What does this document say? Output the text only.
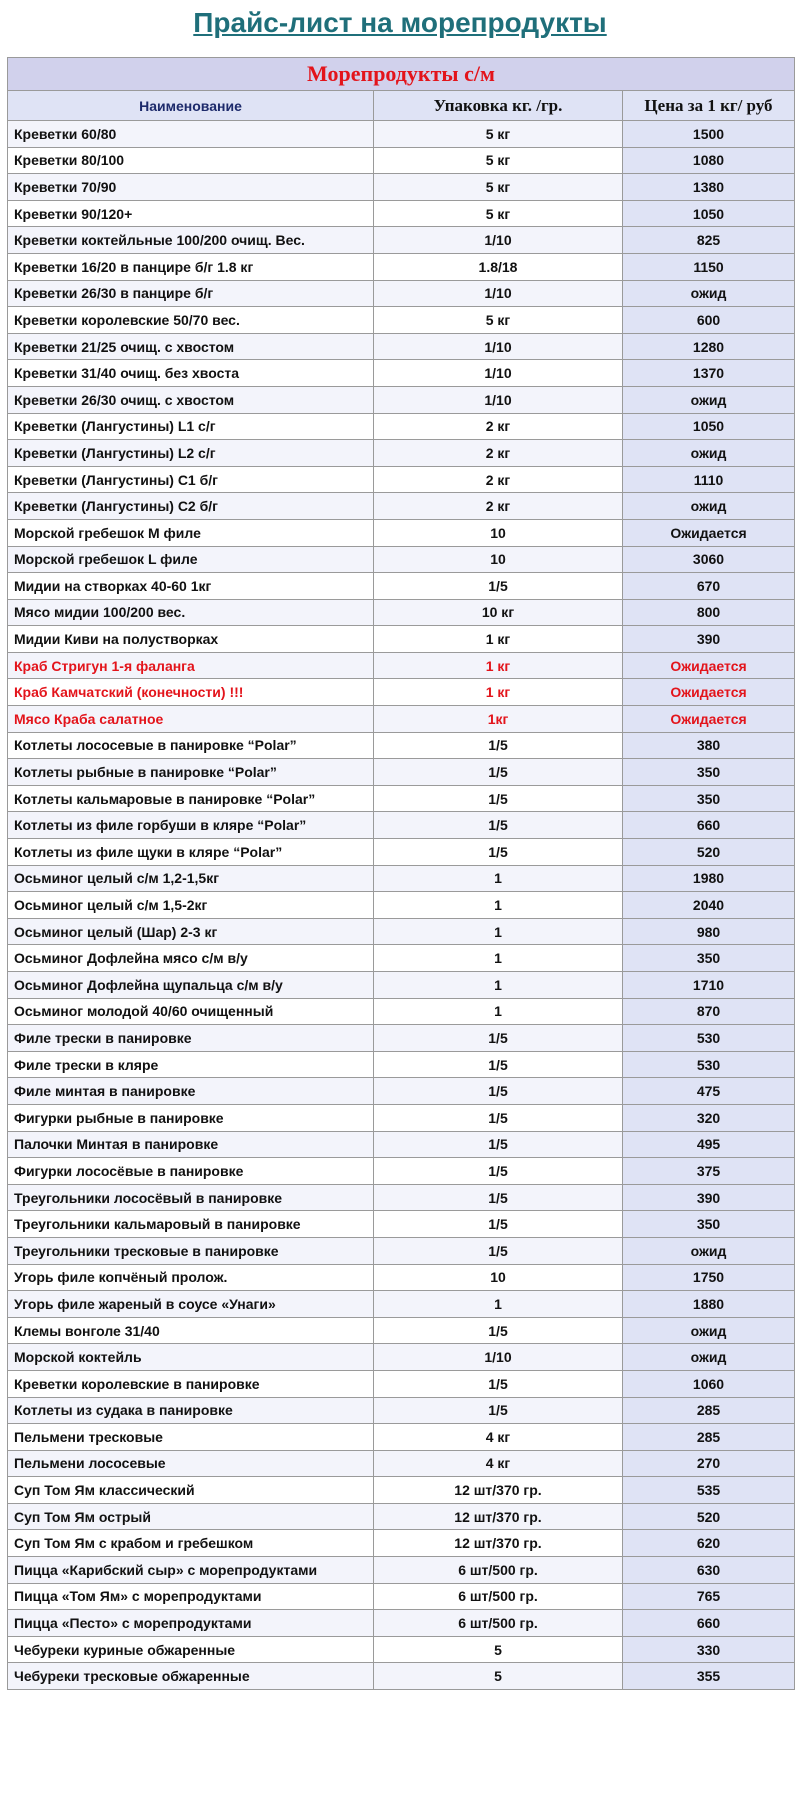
Прайс-лист на морепродукты
Морепродукты с/м		
Наименование	Упаковка кг. /гр.	Цена за 1 кг/ руб
Креветки 60/80	5 кг	1500
Креветки 80/100	5 кг	1080
Креветки 70/90	5 кг	1380
Креветки 90/120+	5 кг	1050
Креветки коктейльные 100/200 очищ. Вес.	1/10	825
Креветки 16/20 в панцире б/г 1.8 кг	1.8/18	1150
Креветки 26/30 в панцире б/г	1/10	ожид
Креветки королевские 50/70 вес.	5 кг	600
Креветки 21/25 очищ. с хвостом	1/10	1280
Креветки 31/40 очищ. без хвоста	1/10	1370
Креветки 26/30 очищ. с хвостом	1/10	ожид
Креветки (Лангустины) L1 с/г	2 кг	1050
Креветки (Лангустины) L2 с/г	2 кг	ожид
Креветки (Лангустины) С1 б/г	2 кг	1110
Креветки (Лангустины) С2 б/г	2 кг	ожид
Морской гребешок М филе	10	Ожидается
Морской гребешок L филе	10	3060
Мидии на створках 40-60 1кг	1/5	670
Мясо мидии 100/200 вес.	10 кг	800
Мидии Киви на полустворках	1 кг	390
Краб Стригун 1-я фаланга	1 кг	Ожидается
Краб Камчатский (конечности) !!!	1 кг	Ожидается
Мясо Краба салатное	1кг	Ожидается
Котлеты лососевые в панировке “Polar”	1/5	380
Котлеты рыбные в панировке “Polar”	1/5	350
Котлеты кальмаровые в панировке “Polar”	1/5	350
Котлеты из филе горбуши в кляре “Polar”	1/5	660
Котлеты из филе щуки в кляре “Polar”	1/5	520
Осьминог целый с/м 1,2-1,5кг	1	1980
Осьминог целый с/м 1,5-2кг	1	2040
Осьминог целый (Шар) 2-3 кг	1	980
Осьминог Дофлейна мясо с/м в/у	1	350
Осьминог Дофлейна щупальца с/м в/у	1	1710
Осьминог молодой 40/60 очищенный	1	870
Филе трески в панировке	1/5	530
Филе трески в кляре	1/5	530
Филе минтая в панировке	1/5	475
Фигурки рыбные в панировке	1/5	320
Палочки Минтая в панировке	1/5	495
Фигурки лососёвые в панировке	1/5	375
Треугольники лососёвый в панировке	1/5	390
Треугольники кальмаровый в панировке	1/5	350
Треугольники тресковые в панировке	1/5	ожид
Угорь филе копчёный пролож.	10	1750
Угорь филе жареный в соусе «Унаги»	1	1880
Клемы вонголе 31/40	1/5	ожид
Морской коктейль	1/10	ожид
Креветки королевские в панировке	1/5	1060
Котлеты из судака в панировке	1/5	285
Пельмени тресковые	4 кг	285
Пельмени лососевые	4 кг	270
Суп Том Ям классический	12 шт/370 гр.	535
Суп Том Ям острый	12 шт/370 гр.	520
Суп Том Ям с крабом и гребешком	12 шт/370 гр.	620
Пицца «Карибский сыр» с морепродуктами	6 шт/500 гр.	630
Пицца «Том Ям» с морепродуктами	6 шт/500 гр.	765
Пицца «Песто» с морепродуктами	6 шт/500 гр.	660
Чебуреки куриные обжаренные	5	330
Чебуреки тресковые обжаренные	5	355
